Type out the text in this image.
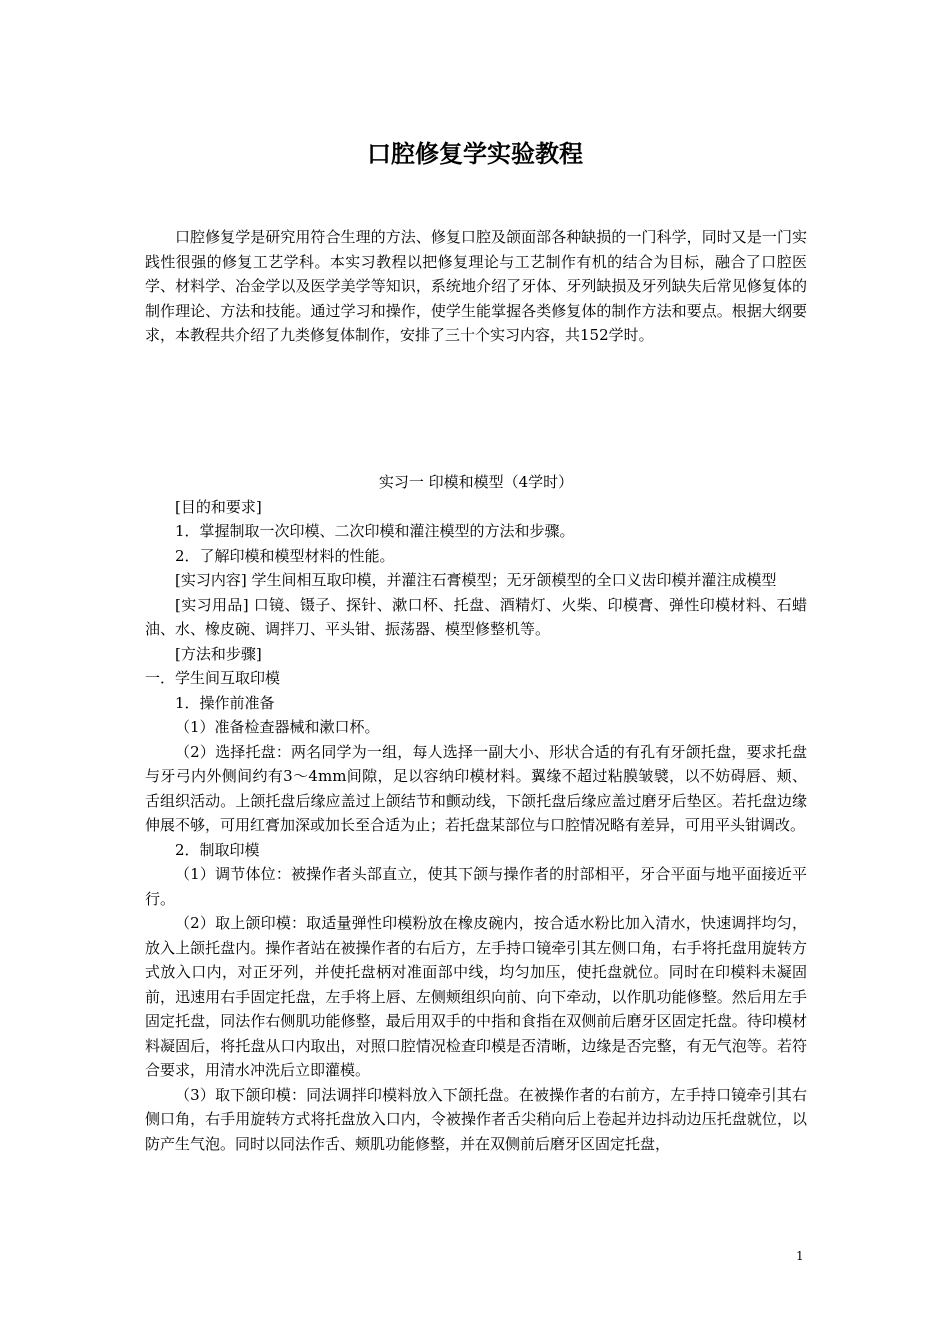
口腔修复学实验教程

口腔修复学是研究用符合生理的方法、修复口腔及颌面部各种缺损的一门科学，同时又是一门实践性很强的修复工艺学科。本实习教程以把修复理论与工艺制作有机的结合为目标，融合了口腔医学、材料学、冶金学以及医学美学等知识，系统地介绍了牙体、牙列缺损及牙列缺失后常见修复体的制作理论、方法和技能。通过学习和操作，使学生能掌握各类修复体的制作方法和要点。根据大纲要求，本教程共介绍了九类修复体制作，安排了三十个实习内容，共152学时。

实习一 印模和模型（4学时）

[目的和要求]

1．掌握制取一次印模、二次印模和灌注模型的方法和步骤。

2．了解印模和模型材料的性能。

[实习内容] 学生间相互取印模，并灌注石膏模型；无牙颌模型的全口义齿印模并灌注成模型

[实习用品] 口镜、镊子、探针、漱口杯、托盘、酒精灯、火柴、印模膏、弹性印模材料、石蜡油、水、橡皮碗、调拌刀、平头钳、振荡器、模型修整机等。

[方法和步骤]

一．学生间互取印模

1．操作前准备

（1）准备检查器械和漱口杯。

（2）选择托盘：两名同学为一组，每人选择一副大小、形状合适的有孔有牙颌托盘，要求托盘与牙弓内外侧间约有3～4mm间隙，足以容纳印模材料。翼缘不超过粘膜皱襞，以不妨碍唇、颊、舌组织活动。上颌托盘后缘应盖过上颌结节和颤动线，下颌托盘后缘应盖过磨牙后垫区。若托盘边缘伸展不够，可用红膏加深或加长至合适为止；若托盘某部位与口腔情况略有差异，可用平头钳调改。

2．制取印模

（1）调节体位：被操作者头部直立，使其下颌与操作者的肘部相平，牙合平面与地平面接近平行。

（2）取上颌印模：取适量弹性印模粉放在橡皮碗内，按合适水粉比加入清水，快速调拌均匀，放入上颌托盘内。操作者站在被操作者的右后方，左手持口镜牵引其左侧口角，右手将托盘用旋转方式放入口内，对正牙列，并使托盘柄对准面部中线，均匀加压，使托盘就位。同时在印模料未凝固前，迅速用右手固定托盘，左手将上唇、左侧颊组织向前、向下牵动，以作肌功能修整。然后用左手固定托盘，同法作右侧肌功能修整，最后用双手的中指和食指在双侧前后磨牙区固定托盘。待印模材料凝固后，将托盘从口内取出，对照口腔情况检查印模是否清晰，边缘是否完整，有无气泡等。若符合要求，用清水冲洗后立即灌模。

（3）取下颌印模：同法调拌印模料放入下颌托盘。在被操作者的右前方，左手持口镜牵引其右侧口角，右手用旋转方式将托盘放入口内，令被操作者舌尖稍向后上卷起并边抖动边压托盘就位，以防产生气泡。同时以同法作舌、颊肌功能修整，并在双侧前后磨牙区固定托盘，

1
